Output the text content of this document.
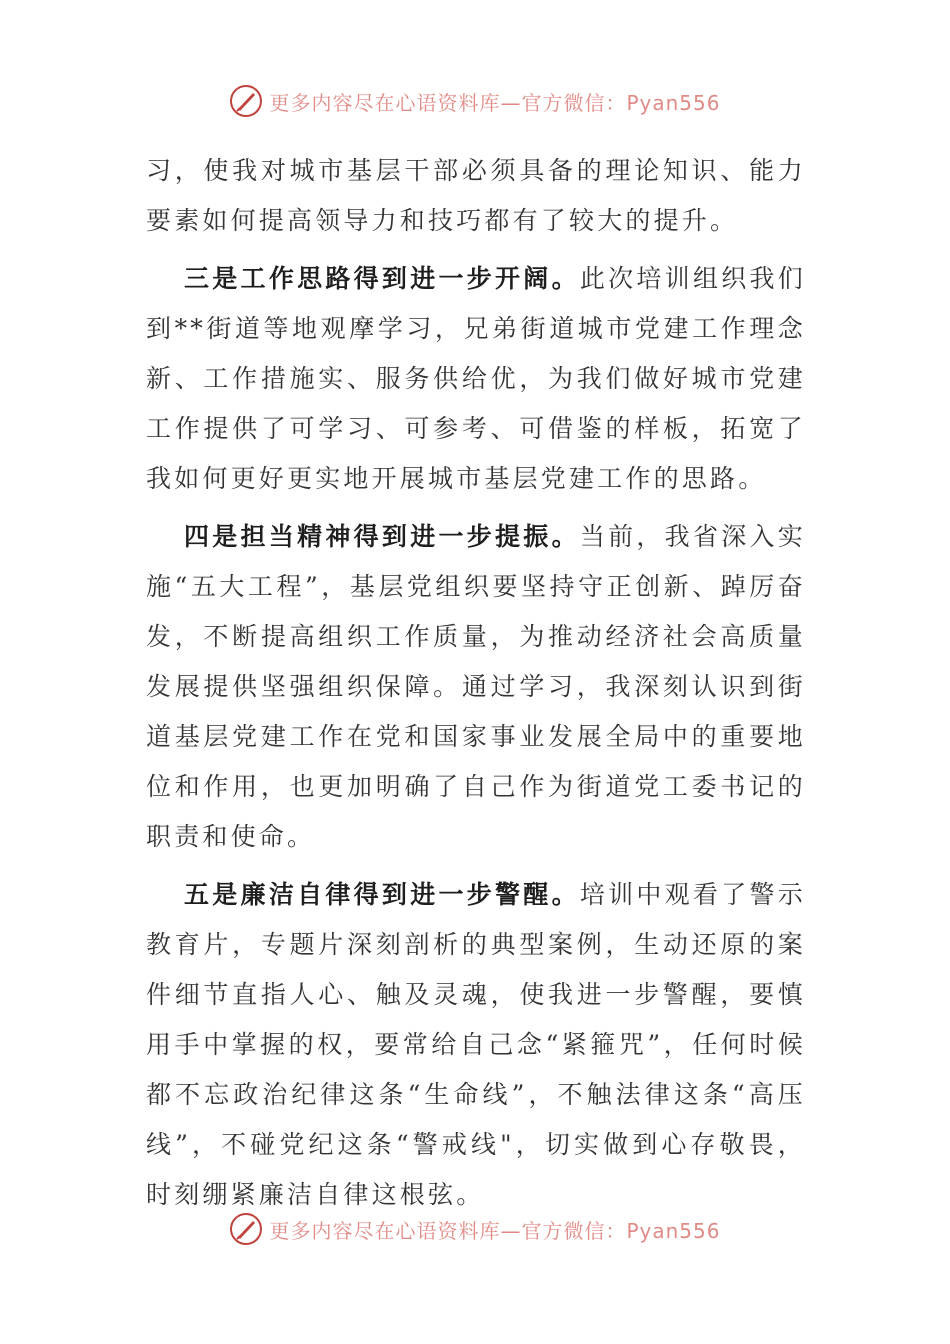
更多内容尽在心语资料库—官方微信：Pyan556

习，使我对城市基层干部必须具备的理论知识、能力要素如何提高领导力和技巧都有了较大的提升。

三是工作思路得到进一步开阔。此次培训组织我们到**街道等地观摩学习，兄弟街道城市党建工作理念新、工作措施实、服务供给优，为我们做好城市党建工作提供了可学习、可参考、可借鉴的样板，拓宽了我如何更好更实地开展城市基层党建工作的思路。

四是担当精神得到进一步提振。当前，我省深入实施“五大工程”，基层党组织要坚持守正创新、踔厉奋发，不断提高组织工作质量，为推动经济社会高质量发展提供坚强组织保障。通过学习，我深刻认识到街道基层党建工作在党和国家事业发展全局中的重要地位和作用，也更加明确了自己作为街道党工委书记的职责和使命。

五是廉洁自律得到进一步警醒。培训中观看了警示教育片，专题片深刻剖析的典型案例，生动还原的案件细节直指人心、触及灵魂，使我进一步警醒，要慎用手中掌握的权，要常给自己念“紧箍咒”，任何时候都不忘政治纪律这条“生命线”，不触法律这条“高压线”，不碰党纪这条“警戒线"，切实做到心存敬畏，时刻绷紧廉洁自律这根弦。

更多内容尽在心语资料库—官方微信：Pyan556
